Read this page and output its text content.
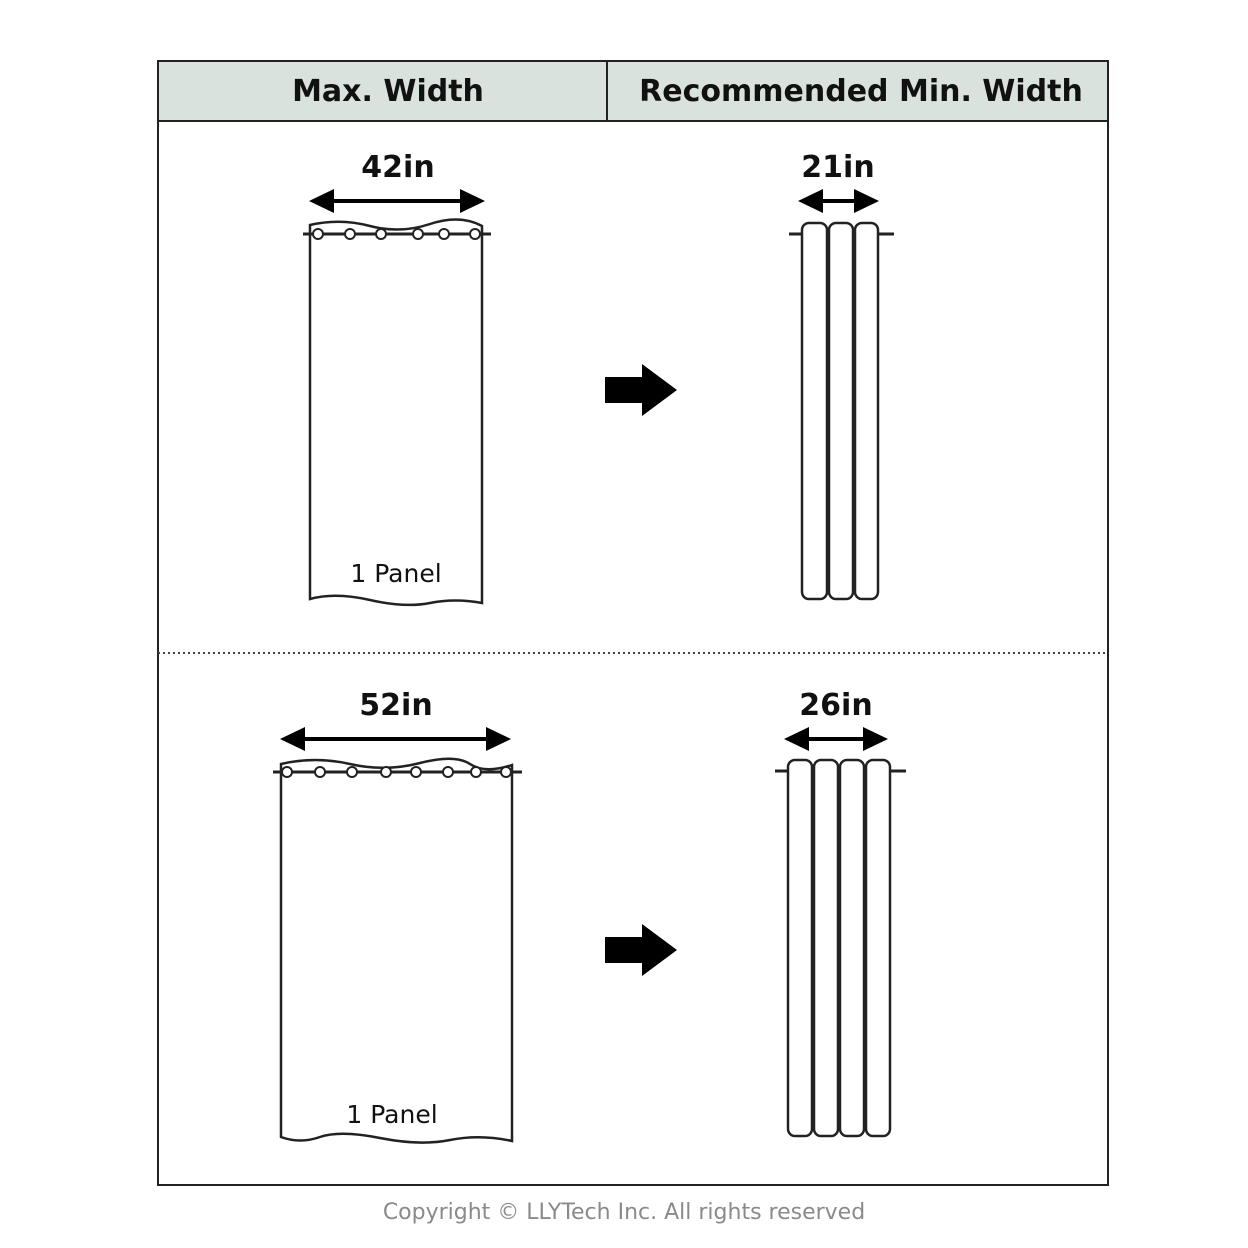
Max. Width	Recommended Min. Width
42in
1 Panel
21in
52in
1 Panel
26in
Copyright © LLYTech Inc. All rights reserved
